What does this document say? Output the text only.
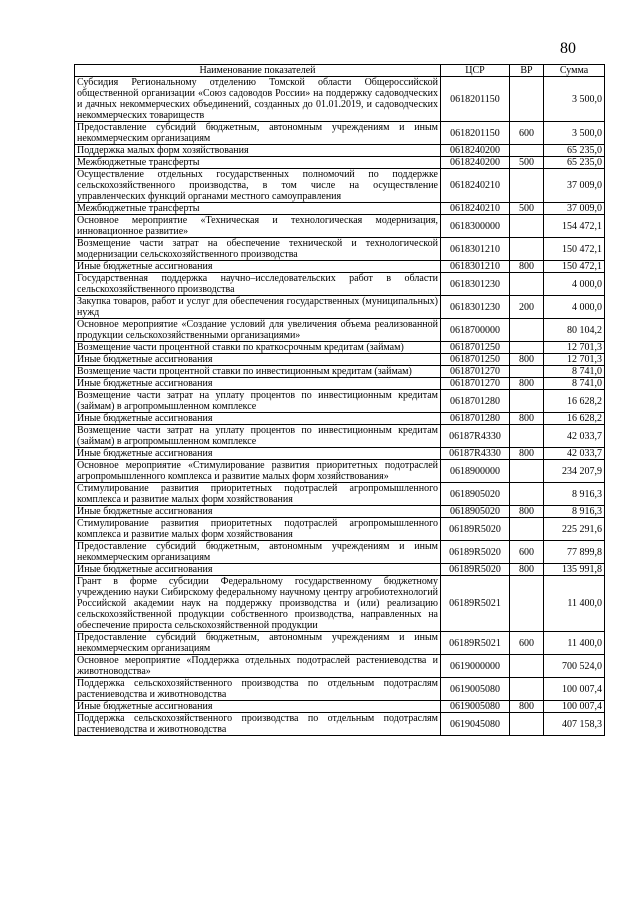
80
Наименование показателей	ЦСР	ВР	Сумма
Субсидия Региональному отделению Томской области Общероссийской общественной организации «Союз садоводов России» на поддержку садоводческих и дачных некоммерческих объединений, созданных до 01.01.2019, и садоводческих некоммерческих товариществ	0618201150		3 500,0
Предоставление субсидий бюджетным, автономным учреждениям и иным некоммерческим организациям	0618201150	600	3 500,0
Поддержка малых форм хозяйствования	0618240200		65 235,0
Межбюджетные трансферты	0618240200	500	65 235,0
Осуществление отдельных государственных полномочий по поддержке сельскохозяйственного производства, в том числе на осуществление управленческих функций органами местного самоуправления	0618240210		37 009,0
Межбюджетные трансферты	0618240210	500	37 009,0
Основное мероприятие «Техническая и технологическая модернизация, инновационное развитие»	0618300000		154 472,1
Возмещение части затрат на обеспечение технической и технологической модернизации сельскохозяйственного производства	0618301210		150 472,1
Иные бюджетные ассигнования	0618301210	800	150 472,1
Государственная поддержка научно–исследовательских работ в области сельскохозяйственного производства	0618301230		4 000,0
Закупка товаров, работ и услуг для обеспечения государственных (муниципальных) нужд	0618301230	200	4 000,0
Основное мероприятие «Создание условий для увеличения объема реализованной продукции сельскохозяйственными организациями»	0618700000		80 104,2
Возмещение части процентной ставки по краткосрочным кредитам (займам)	0618701250		12 701,3
Иные бюджетные ассигнования	0618701250	800	12 701,3
Возмещение части процентной ставки по инвестиционным кредитам (займам)	0618701270		8 741,0
Иные бюджетные ассигнования	0618701270	800	8 741,0
Возмещение части затрат на уплату процентов по инвестиционным кредитам (займам) в агропромышленном комплексе	0618701280		16 628,2
Иные бюджетные ассигнования	0618701280	800	16 628,2
Возмещение части затрат на уплату процентов по инвестиционным кредитам (займам) в агропромышленном комплексе	06187R4330		42 033,7
Иные бюджетные ассигнования	06187R4330	800	42 033,7
Основное мероприятие «Стимулирование развития приоритетных подотраслей агропромышленного комплекса и развитие малых форм хозяйствования»	0618900000		234 207,9
Стимулирование развития приоритетных подотраслей агропромышленного комплекса и развитие малых форм хозяйствования	0618905020		8 916,3
Иные бюджетные ассигнования	0618905020	800	8 916,3
Стимулирование развития приоритетных подотраслей агропромышленного комплекса и развитие малых форм хозяйствования	06189R5020		225 291,6
Предоставление субсидий бюджетным, автономным учреждениям и иным некоммерческим организациям	06189R5020	600	77 899,8
Иные бюджетные ассигнования	06189R5020	800	135 991,8
Грант в форме субсидии Федеральному государственному бюджетному учреждению науки Сибирскому федеральному научному центру агробиотехнологий Российской академии наук на поддержку производства и (или) реализацию сельскохозяйственной продукции собственного производства, направленных на обеспечение прироста сельскохозяйственной продукции	06189R5021		11 400,0
Предоставление субсидий бюджетным, автономным учреждениям и иным некоммерческим организациям	06189R5021	600	11 400,0
Основное мероприятие «Поддержка отдельных подотраслей растениеводства и животноводства»	0619000000		700 524,0
Поддержка сельскохозяйственного производства по отдельным подотраслям растениеводства и животноводства	0619005080		100 007,4
Иные бюджетные ассигнования	0619005080	800	100 007,4
Поддержка сельскохозяйственного производства по отдельным подотраслям растениеводства и животноводства	0619045080		407 158,3
